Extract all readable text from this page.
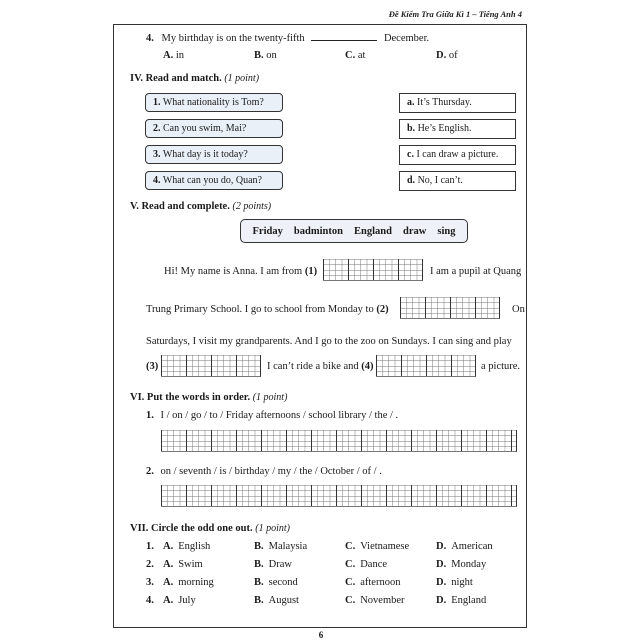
Đề Kiểm Tra Giữa Kì 1 – Tiếng Anh 4
4. My birthday is on the twenty-fifth	December.
A. in	B. on	C. at	D. of
IV. Read and match. (1 point)
1. What nationality is Tom?
2. Can you swim, Mai?
3. What day is it today?
4. What can you do, Quan?
a. It’s Thursday.
b. He’s English.
c. I can draw a picture.
d. No, I can’t.
V. Read and complete. (2 points)
Friday badminton England draw sing
Hi! My name is Anna. I am from (1)	I am a pupil at Quang
Trung Primary School. I go to school from Monday to (2)	On
Saturdays, I visit my grandparents. And I go to the zoo on Sundays. I can sing and play
(3)	I can’t ride a bike and (4)	a picture.
VI. Put the words in order. (1 point)
1. I / on / go / to / Friday afternoons / school library / the / .
2. on / seventh / is / birthday / my / the / October / of / .
VII. Circle the odd one out. (1 point)
1. A. English	B. Malaysia	C. Vietnamese	D. American
2. A. Swim	B. Draw	C. Dance	D. Monday
3. A. morning	B. second	C. afternoon	D. night
4. A. July	B. August	C. November	D. England
6
